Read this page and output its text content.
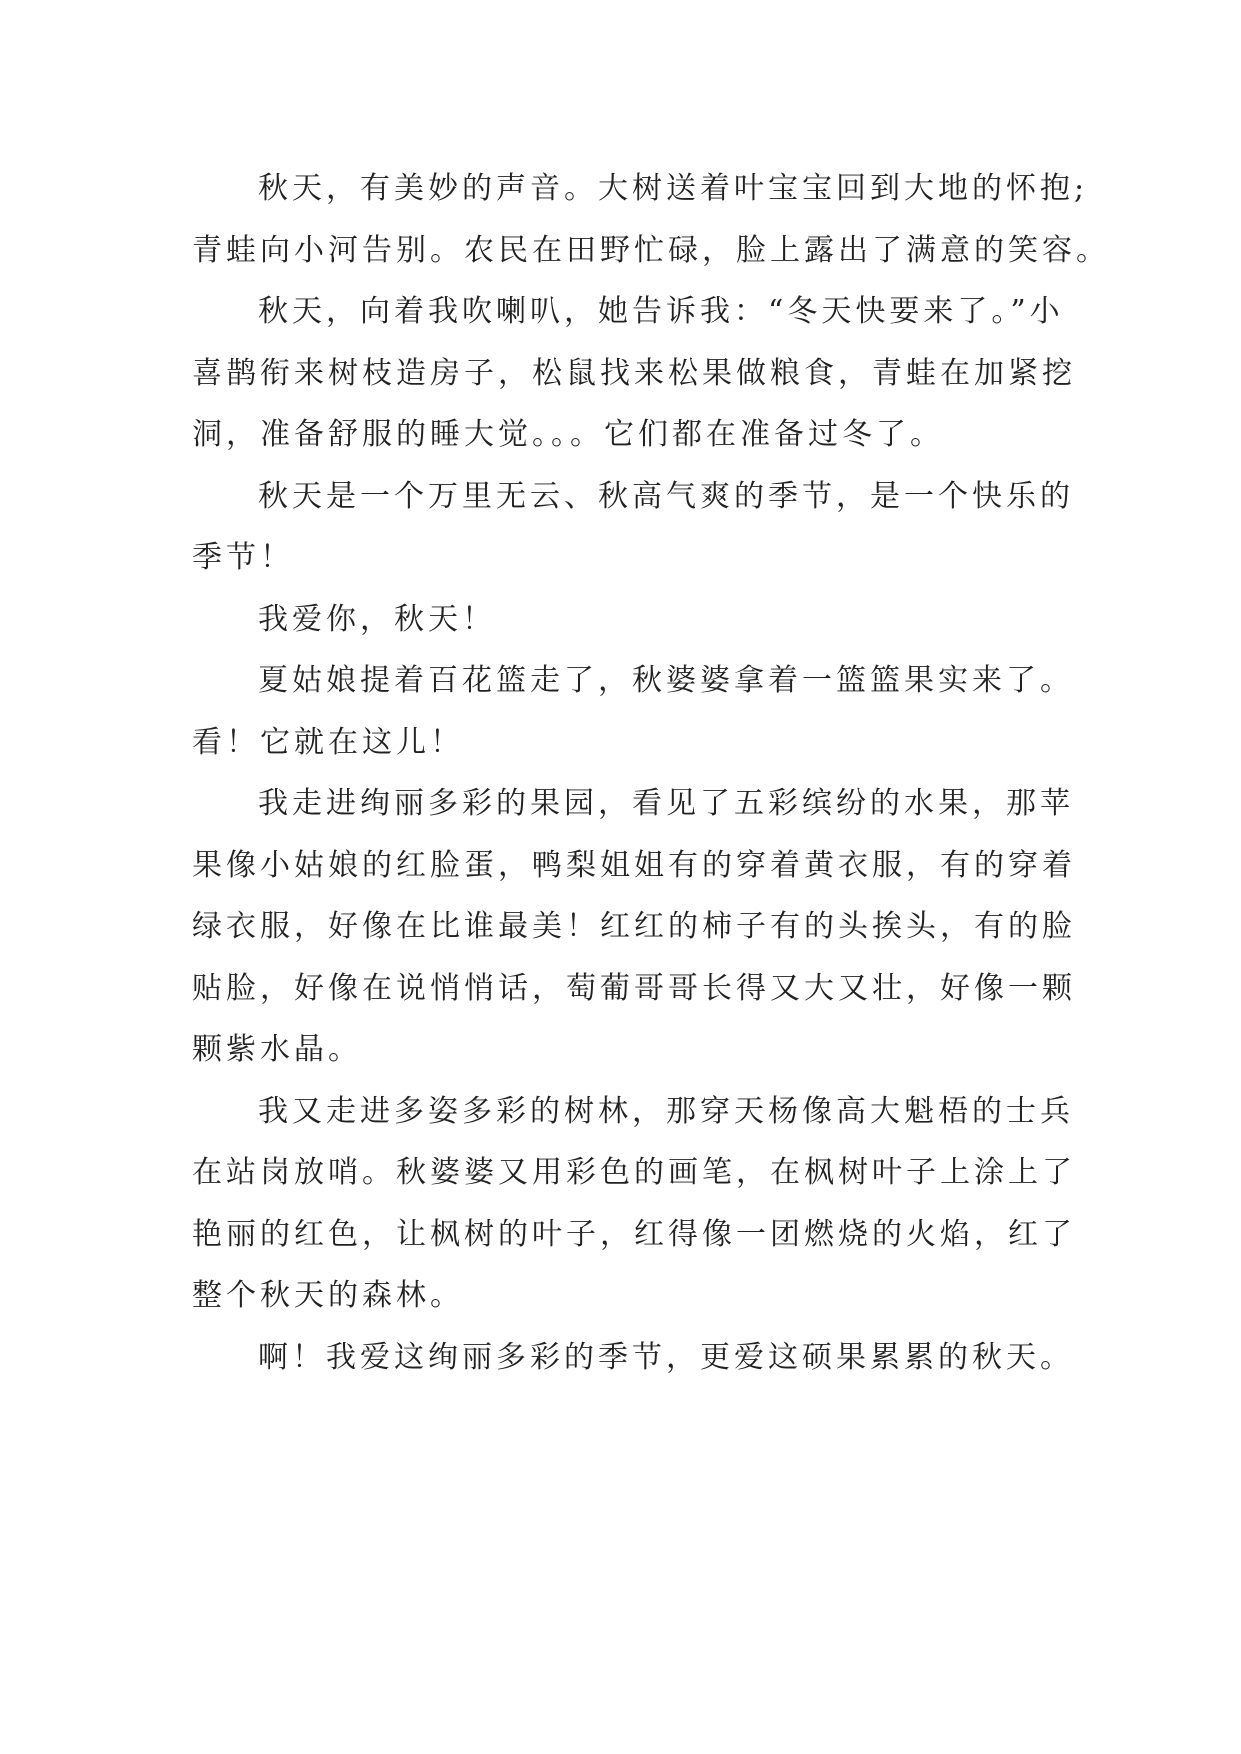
秋天，有美妙的声音。大树送着叶宝宝回到大地的怀抱;
青蛙向小河告别。农民在田野忙碌，脸上露出了满意的笑容。

秋天，向着我吹喇叭，她告诉我：“冬天快要来了。”小
喜鹊衔来树枝造房子，松鼠找来松果做粮食，青蛙在加紧挖
洞，准备舒服的睡大觉。。。它们都在准备过冬了。

秋天是一个万里无云、秋高气爽的季节，是一个快乐的
季节！

我爱你，秋天！

夏姑娘提着百花篮走了，秋婆婆拿着一篮篮果实来了。
看！它就在这儿！

我走进绚丽多彩的果园，看见了五彩缤纷的水果，那苹
果像小姑娘的红脸蛋，鸭梨姐姐有的穿着黄衣服，有的穿着
绿衣服，好像在比谁最美！红红的柿子有的头挨头，有的脸
贴脸，好像在说悄悄话，萄葡哥哥长得又大又壮，好像一颗
颗紫水晶。

我又走进多姿多彩的树林，那穿天杨像高大魁梧的士兵
在站岗放哨。秋婆婆又用彩色的画笔，在枫树叶子上涂上了
艳丽的红色，让枫树的叶子，红得像一团燃烧的火焰，红了
整个秋天的森林。

啊！我爱这绚丽多彩的季节，更爱这硕果累累的秋天。
